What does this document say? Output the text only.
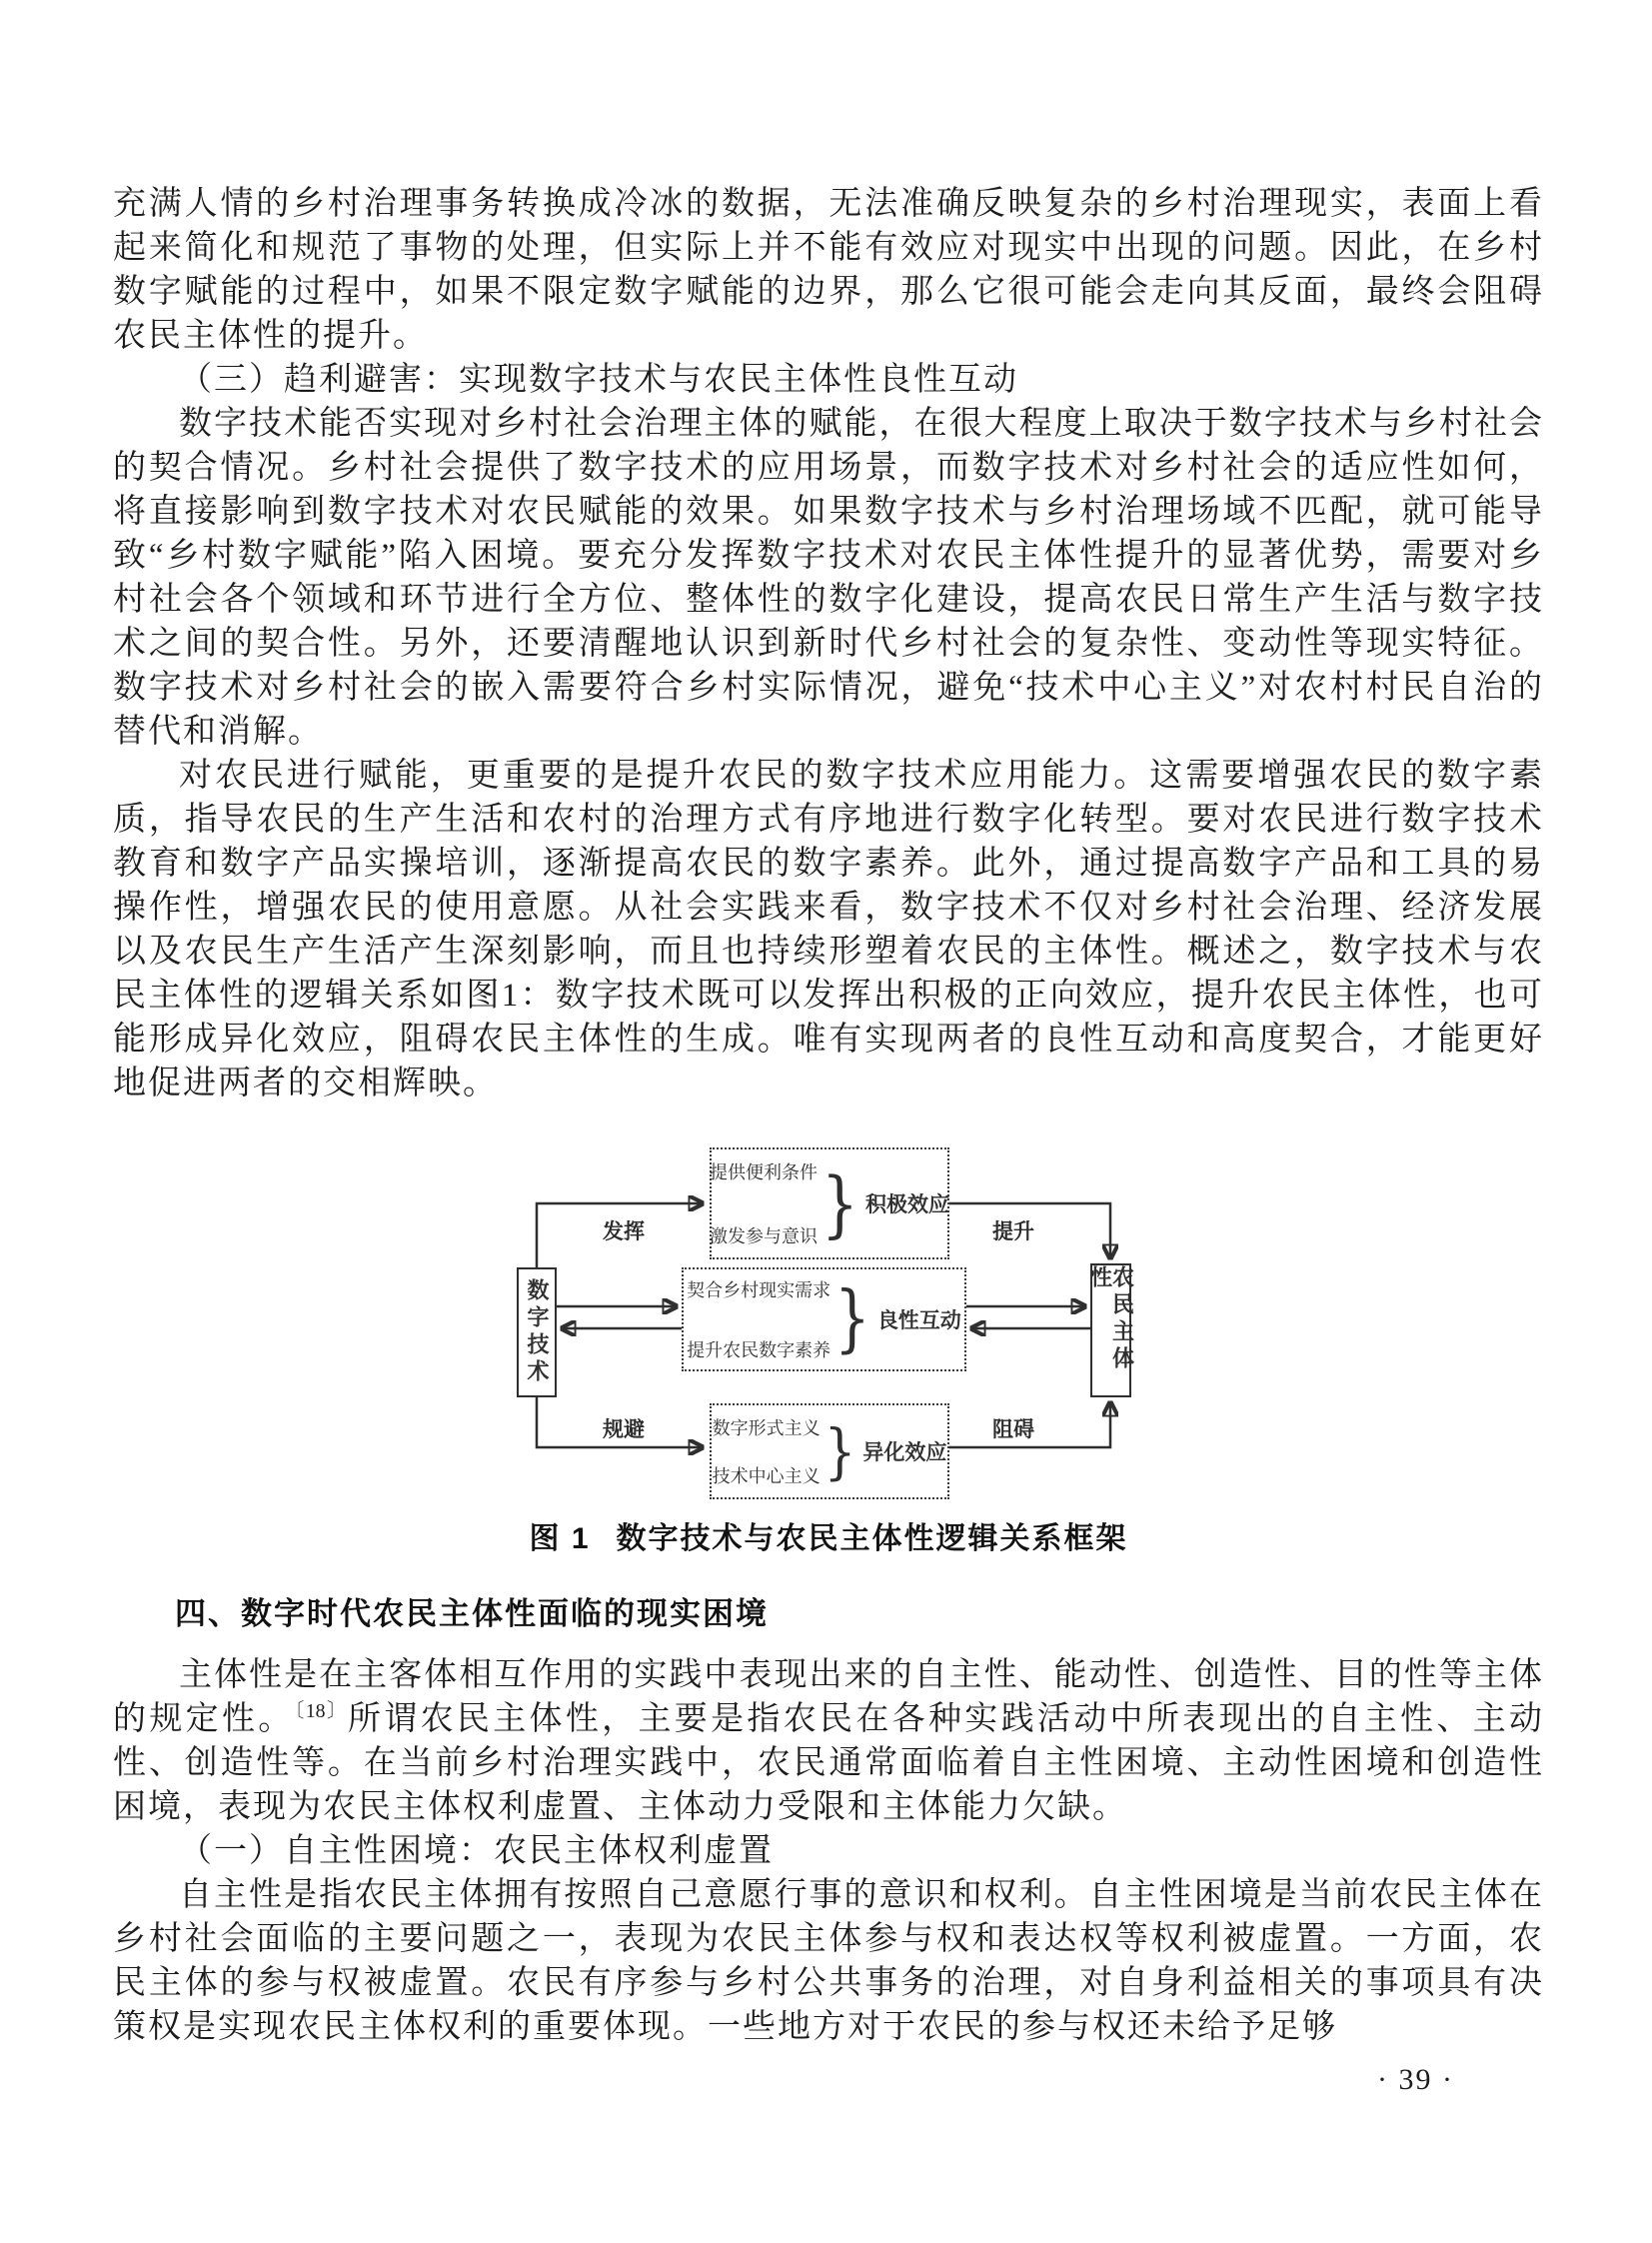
充满人情的乡村治理事务转换成冷冰的数据，无法准确反映复杂的乡村治理现实，表面上看起来简化和规范了事物的处理，但实际上并不能有效应对现实中出现的问题。因此，在乡村数字赋能的过程中，如果不限定数字赋能的边界，那么它很可能会走向其反面，最终会阻碍农民主体性的提升。

（三）趋利避害：实现数字技术与农民主体性良性互动

数字技术能否实现对乡村社会治理主体的赋能，在很大程度上取决于数字技术与乡村社会的契合情况。乡村社会提供了数字技术的应用场景，而数字技术对乡村社会的适应性如何，将直接影响到数字技术对农民赋能的效果。如果数字技术与乡村治理场域不匹配，就可能导致“乡村数字赋能”陷入困境。要充分发挥数字技术对农民主体性提升的显著优势，需要对乡村社会各个领域和环节进行全方位、整体性的数字化建设，提高农民日常生产生活与数字技术之间的契合性。另外，还要清醒地认识到新时代乡村社会的复杂性、变动性等现实特征。数字技术对乡村社会的嵌入需要符合乡村实际情况，避免“技术中心主义”对农村村民自治的替代和消解。

对农民进行赋能，更重要的是提升农民的数字技术应用能力。这需要增强农民的数字素质，指导农民的生产生活和农村的治理方式有序地进行数字化转型。要对农民进行数字技术教育和数字产品实操培训，逐渐提高农民的数字素养。此外，通过提高数字产品和工具的易操作性，增强农民的使用意愿。从社会实践来看，数字技术不仅对乡村社会治理、经济发展以及农民生产生活产生深刻影响，而且也持续形塑着农民的主体性。概述之，数字技术与农民主体性的逻辑关系如图1：数字技术既可以发挥出积极的正向效应，提升农民主体性，也可能形成异化效应，阻碍农民主体性的生成。唯有实现两者的良性互动和高度契合，才能更好地促进两者的交相辉映。

数字技术	农民主体性
提供便利条件
激发参与意识 } 积极效应
契合乡村现实需求
提升农民数字素养 } 良性互动
数字形式主义
技术中心主义 } 异化效应
发挥	提升
规避	阻碍
图 1 数字技术与农民主体性逻辑关系框架
四、数字时代农民主体性面临的现实困境

主体性是在主客体相互作用的实践中表现出来的自主性、能动性、创造性、目的性等主体的规定性。$^{〔18〕}$所谓农民主体性，主要是指农民在各种实践活动中所表现出的自主性、主动性、创造性等。在当前乡村治理实践中，农民通常面临着自主性困境、主动性困境和创造性困境，表现为农民主体权利虚置、主体动力受限和主体能力欠缺。

（一）自主性困境：农民主体权利虚置

自主性是指农民主体拥有按照自己意愿行事的意识和权利。自主性困境是当前农民主体在乡村社会面临的主要问题之一，表现为农民主体参与权和表达权等权利被虚置。一方面，农民主体的参与权被虚置。农民有序参与乡村公共事务的治理，对自身利益相关的事项具有决策权是实现农民主体权利的重要体现。一些地方对于农民的参与权还未给予足够

· 39 ·
